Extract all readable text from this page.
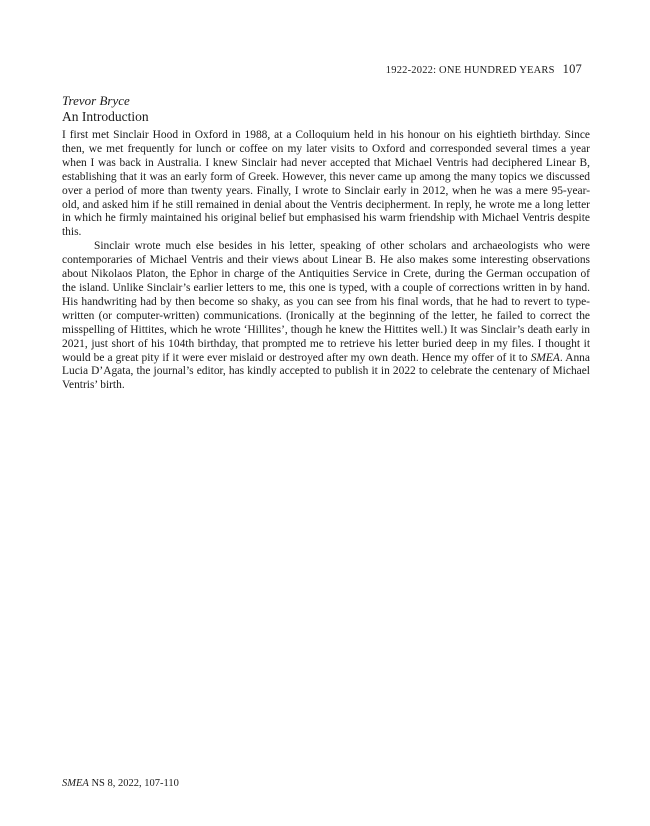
1922-2022: ONE HUNDRED YEARS 107
Trevor Bryce
An Introduction

I first met Sinclair Hood in Oxford in 1988, at a Colloquium held in his honour on his eightieth birthday. Since then, we met frequently for lunch or coffee on my later visits to Oxford and corresponded several times a year when I was back in Australia. I knew Sinclair had never accepted that Michael Ventris had deciphered Linear B, establishing that it was an early form of Greek. However, this never came up among the many topics we discussed over a period of more than twenty years. Finally, I wrote to Sinclair early in 2012, when he was a mere 95-year-old, and asked him if he still remained in denial about the Ventris decipherment. In reply, he wrote me a long letter in which he firmly maintained his original belief but emphasised his warm friendship with Michael Ventris despite this.

Sinclair wrote much else besides in his letter, speaking of other scholars and archaeologists who were contemporaries of Michael Ventris and their views about Linear B. He also makes some interesting observations about Nikolaos Platon, the Ephor in charge of the Antiquities Service in Crete, during the German occupation of the island. Unlike Sinclair’s earlier letters to me, this one is typed, with a couple of corrections written in by hand. His handwriting had by then become so shaky, as you can see from his final words, that he had to revert to type-written (or computer-written) communications. (Ironically at the beginning of the letter, he failed to correct the misspelling of Hittites, which he wrote ‘Hillites’, though he knew the Hittites well.) It was Sinclair’s death early in 2021, just short of his 104th birthday, that prompted me to retrieve his letter buried deep in my files. I thought it would be a great pity if it were ever mislaid or destroyed after my own death. Hence my offer of it to SMEA. Anna Lucia D’Agata, the journal’s editor, has kindly accepted to publish it in 2022 to celebrate the centenary of Michael Ventris’ birth.

SMEA NS 8, 2022, 107-110
